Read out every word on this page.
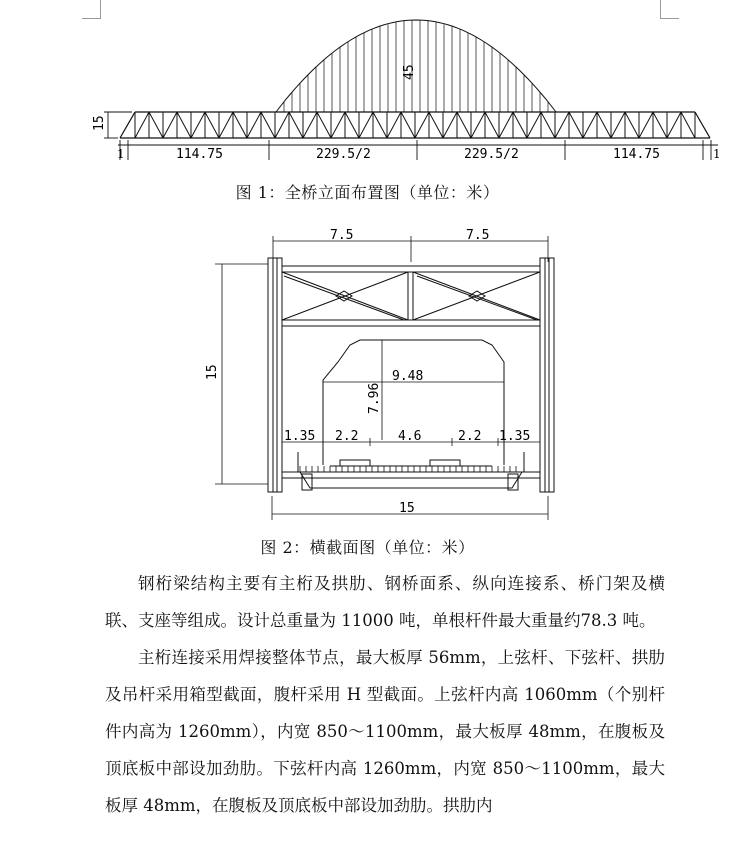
1	114.75	229.5/2	229.5/2	114.75	1
15
45
图 1：全桥立面布置图（单位：米）
7.5	7.5
15	9.48
7.96
1.35 2.2	4.6	2.2 1.35
15
图 2：横截面图（单位：米）

钢桁梁结构主要有主桁及拱肋、钢桥面系、纵向连接系、桥门架及横联、支座等组成。设计总重量为 11000 吨，单根杆件最大重量约78.3 吨。

主桁连接采用焊接整体节点，最大板厚 56mm，上弦杆、下弦杆、拱肋及吊杆采用箱型截面，腹杆采用 H 型截面。上弦杆内高 1060mm（个别杆件内高为 1260mm），内宽 850～1100mm，最大板厚 48mm，在腹板及顶底板中部设加劲肋。下弦杆内高 1260mm，内宽 850～1100mm，最大板厚 48mm，在腹板及顶底板中部设加劲肋。拱肋内
